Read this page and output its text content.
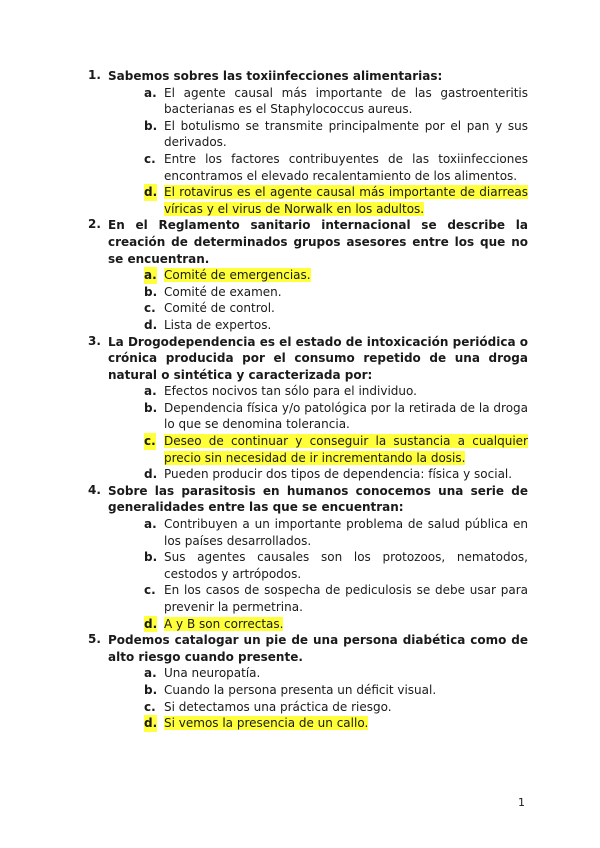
1. Sabemos sobres las toxiinfecciones alimentarias:
a. El agente causal más importante de las gastroenteritis bacterianas es el Staphylococcus aureus.
b. El botulismo se transmite principalmente por el pan y sus derivados.
c. Entre los factores contribuyentes de las toxiinfecciones encontramos el elevado recalentamiento de los alimentos.
d. El rotavirus es el agente causal más importante de diarreas víricas y el virus de Norwalk en los adultos.
2. En el Reglamento sanitario internacional se describe la creación de determinados grupos asesores entre los que no se encuentran.
a. Comité de emergencias.
b. Comité de examen.
c. Comité de control.
d. Lista de expertos.
3. La Drogodependencia es el estado de intoxicación periódica o crónica producida por el consumo repetido de una droga natural o sintética y caracterizada por:
a. Efectos nocivos tan sólo para el individuo.
b. Dependencia física y/o patológica por la retirada de la droga lo que se denomina tolerancia.
c. Deseo de continuar y conseguir la sustancia a cualquier precio sin necesidad de ir incrementando la dosis.
d. Pueden producir dos tipos de dependencia: física y social.
4. Sobre las parasitosis en humanos conocemos una serie de generalidades entre las que se encuentran:
a. Contribuyen a un importante problema de salud pública en los países desarrollados.
b. Sus agentes causales son los protozoos, nematodos, cestodos y artrópodos.
c. En los casos de sospecha de pediculosis se debe usar para prevenir la permetrina.
d. A y B son correctas.
5. Podemos catalogar un pie de una persona diabética como de alto riesgo cuando presente.
a. Una neuropatía.
b. Cuando la persona presenta un déficit visual.
c. Si detectamos una práctica de riesgo.
d. Si vemos la presencia de un callo.
1
